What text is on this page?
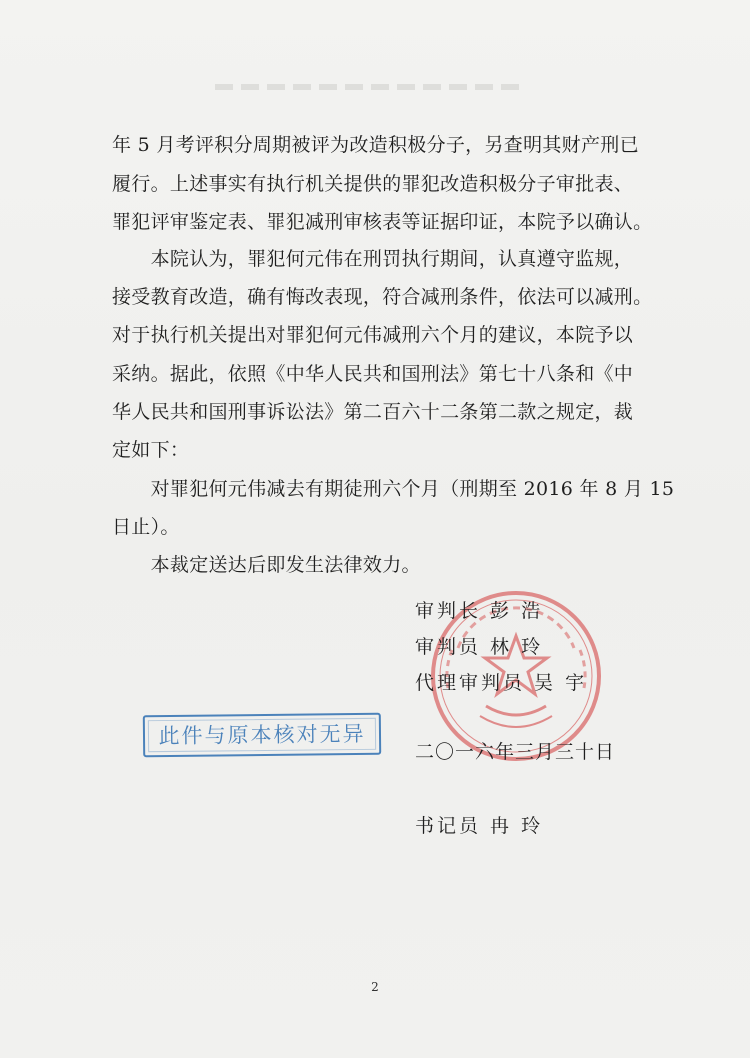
年 5 月考评积分周期被评为改造积极分子，另查明其财产刑已
履行。上述事实有执行机关提供的罪犯改造积极分子审批表、
罪犯评审鉴定表、罪犯减刑审核表等证据印证，本院予以确认。
　　本院认为，罪犯何元伟在刑罚执行期间，认真遵守监规，
接受教育改造，确有悔改表现，符合减刑条件，依法可以减刑。
对于执行机关提出对罪犯何元伟减刑六个月的建议，本院予以
采纳。据此，依照《中华人民共和国刑法》第七十八条和《中
华人民共和国刑事诉讼法》第二百六十二条第二款之规定，裁
定如下：
　　对罪犯何元伟减去有期徒刑六个月（刑期至 2016 年 8 月 15
日止）。
　　本裁定送达后即发生法律效力。
审判长 彭 浩
审判员 林 玲
代理审判员 吴 宇
二〇一六年三月三十日
书记员 冉 玲
此件与原本核对无异
2
